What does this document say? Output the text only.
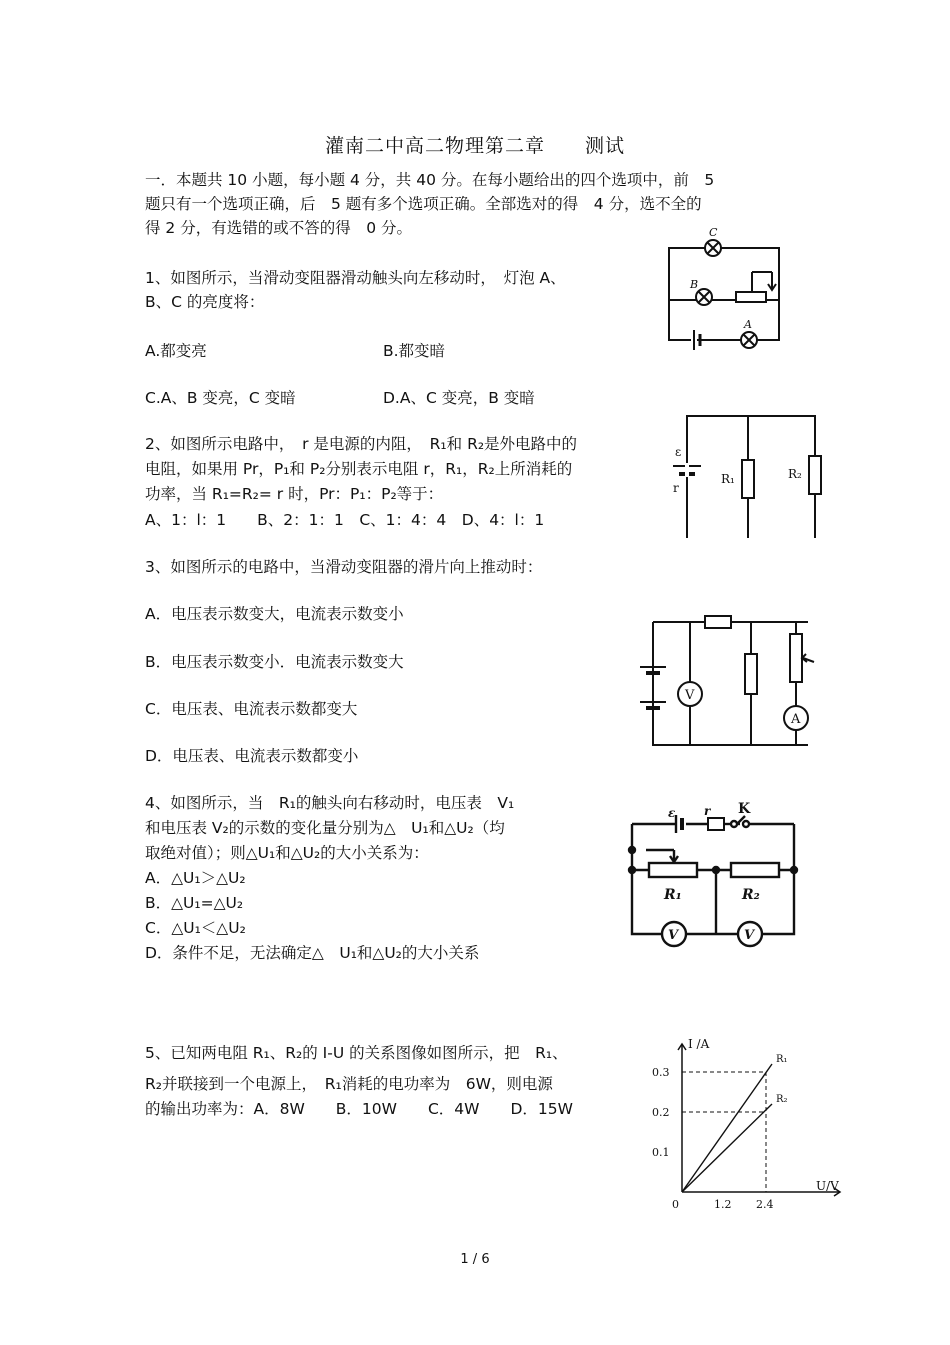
灌南二中高二物理第二章　　测试
一．本题共 10 小题，每小题 4 分，共 40 分。在每小题给出的四个选项中，前　5
题只有一个选项正确，后　5 题有多个选项正确。全部选对的得　4 分，选不全的
得 2 分，有选错的或不答的得　0 分。
1、如图所示，当滑动变阻器滑动触头向左移动时，　灯泡 A、
B、C 的亮度将：
A.都变亮	B.都变暗
C.A、B 变亮，C 变暗	D.A、C 变亮，B 变暗
C
B
A
2、如图所示电路中，　r 是电源的内阻，　R₁和 R₂是外电路中的
电阻，如果用 Pr，P₁和 P₂分别表示电阻 r，R₁，R₂上所消耗的
功率，当 R₁=R₂= r 时，Pr：P₁：P₂等于：
A、1：l：1　　B、2：1：1　C、1：4：4　D、4：l：1
ε
r
R₁	R₂
3、如图所示的电路中，当滑动变阻器的滑片向上推动时：
A．电压表示数变大，电流表示数变小
B．电压表示数变小．电流表示数变大
C．电压表、电流表示数都变大
D．电压表、电流表示数都变小
V
A
4、如图所示，当　R₁的触头向右移动时，电压表　V₁
和电压表 V₂的示数的变化量分别为△　U₁和△U₂（均
取绝对值）；则△U₁和△U₂的大小关系为：
A．△U₁＞△U₂
B．△U₁=△U₂
C．△U₁＜△U₂
D．条件不足，无法确定△　U₁和△U₂的大小关系
ε r K
R₁	R₂
V	V
5、已知两电阻 R₁、R₂的 I-U 的关系图像如图所示，把　R₁、
R₂并联接到一个电源上，　R₁消耗的电功率为　6W，则电源
的输出功率为：A．8W　　B．10W　　C．4W　　D．15W
R₁
R₂
0.1
0.2
0.3
0	1.2 2.4
I /A
U/V
1 / 6
